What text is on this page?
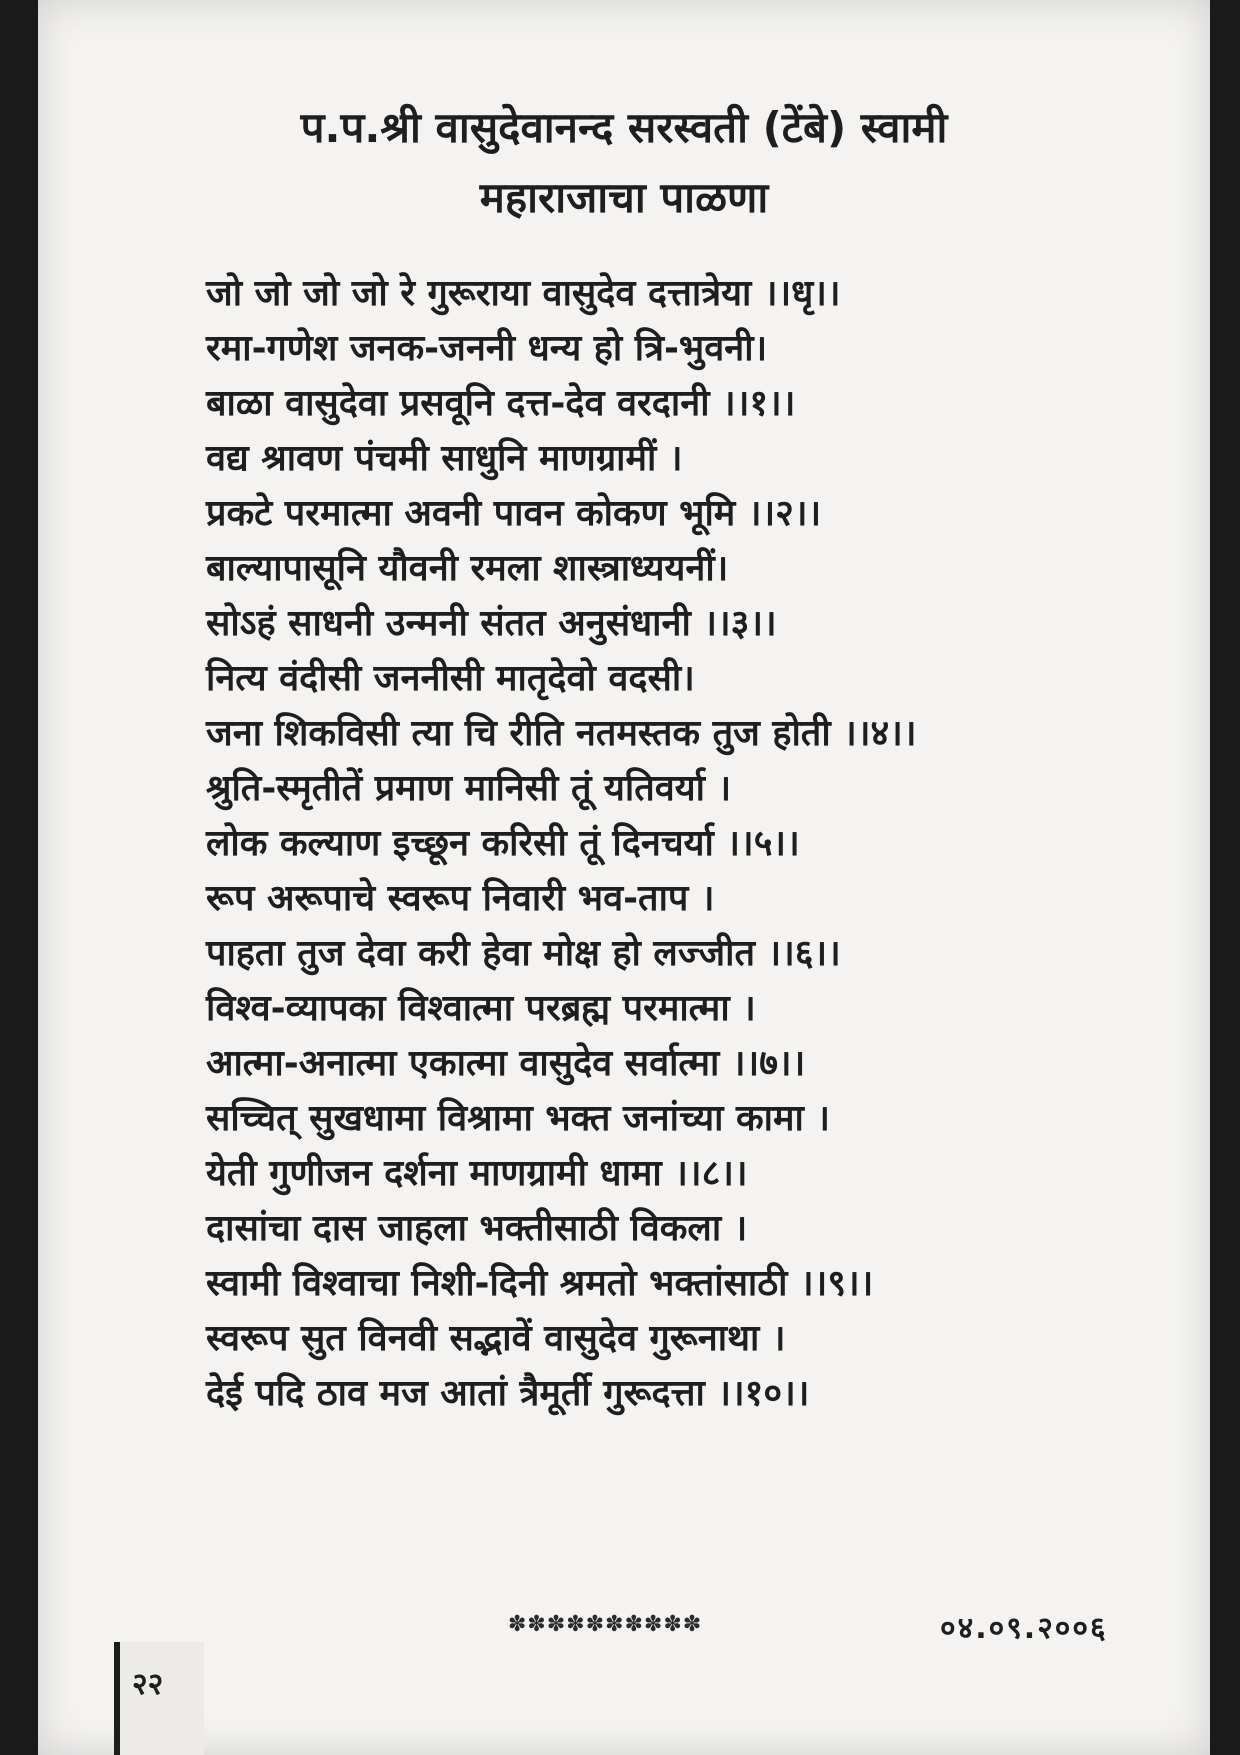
प.प.श्री वासुदेवानन्द सरस्वती (टेंबे) स्वामी
महाराजाचा पाळणा
जो जो जो जो रे गुरूराया वासुदेव दत्तात्रेया ।।धृ।।
रमा-गणेश जनक-जननी धन्य हो त्रि-भुवनी।
बाळा वासुदेवा प्रसवूनि दत्त-देव वरदानी ।।१।।
वद्य श्रावण पंचमी साधुनि माणग्रामीं ।
प्रकटे परमात्मा अवनी पावन कोकण भूमि ।।२।।
बाल्यापासूनि यौवनी रमला शास्त्राध्ययनीं।
सोऽहं साधनी उन्मनी संतत अनुसंधानी ।।३।।
नित्य वंदीसी जननीसी मातृदेवो वदसी।
जना शिकविसी त्या चि रीति नतमस्तक तुज होती ।।४।।
श्रुति-स्मृतीतें प्रमाण मानिसी तूं यतिवर्या ।
लोक कल्याण इच्छून करिसी तूं दिनचर्या ।।५।।
रूप अरूपाचे स्वरूप निवारी भव-ताप ।
पाहता तुज देवा करी हेवा मोक्ष हो लज्जीत ।।६।।
विश्व-व्यापका विश्वात्मा परब्रह्म परमात्मा ।
आत्मा-अनात्मा एकात्मा वासुदेव सर्वात्मा ।।७।।
सच्चित् सुखधामा विश्रामा भक्त जनांच्या कामा ।
येती गुणीजन दर्शना माणग्रामी धामा ।।८।।
दासांचा दास जाहला भक्तीसाठी विकला ।
स्वामी विश्वाचा निशी-दिनी श्रमतो भक्तांसाठी ।।९।।
स्वरूप सुत विनवी सद्भावें वासुदेव गुरूनाथा ।
देई पदि ठाव मज आतां त्रैमूर्ती गुरूदत्ता ।।१०।।
✽✽✽✽✽✽✽✽✽✽	०४.०९.२००६
२२
